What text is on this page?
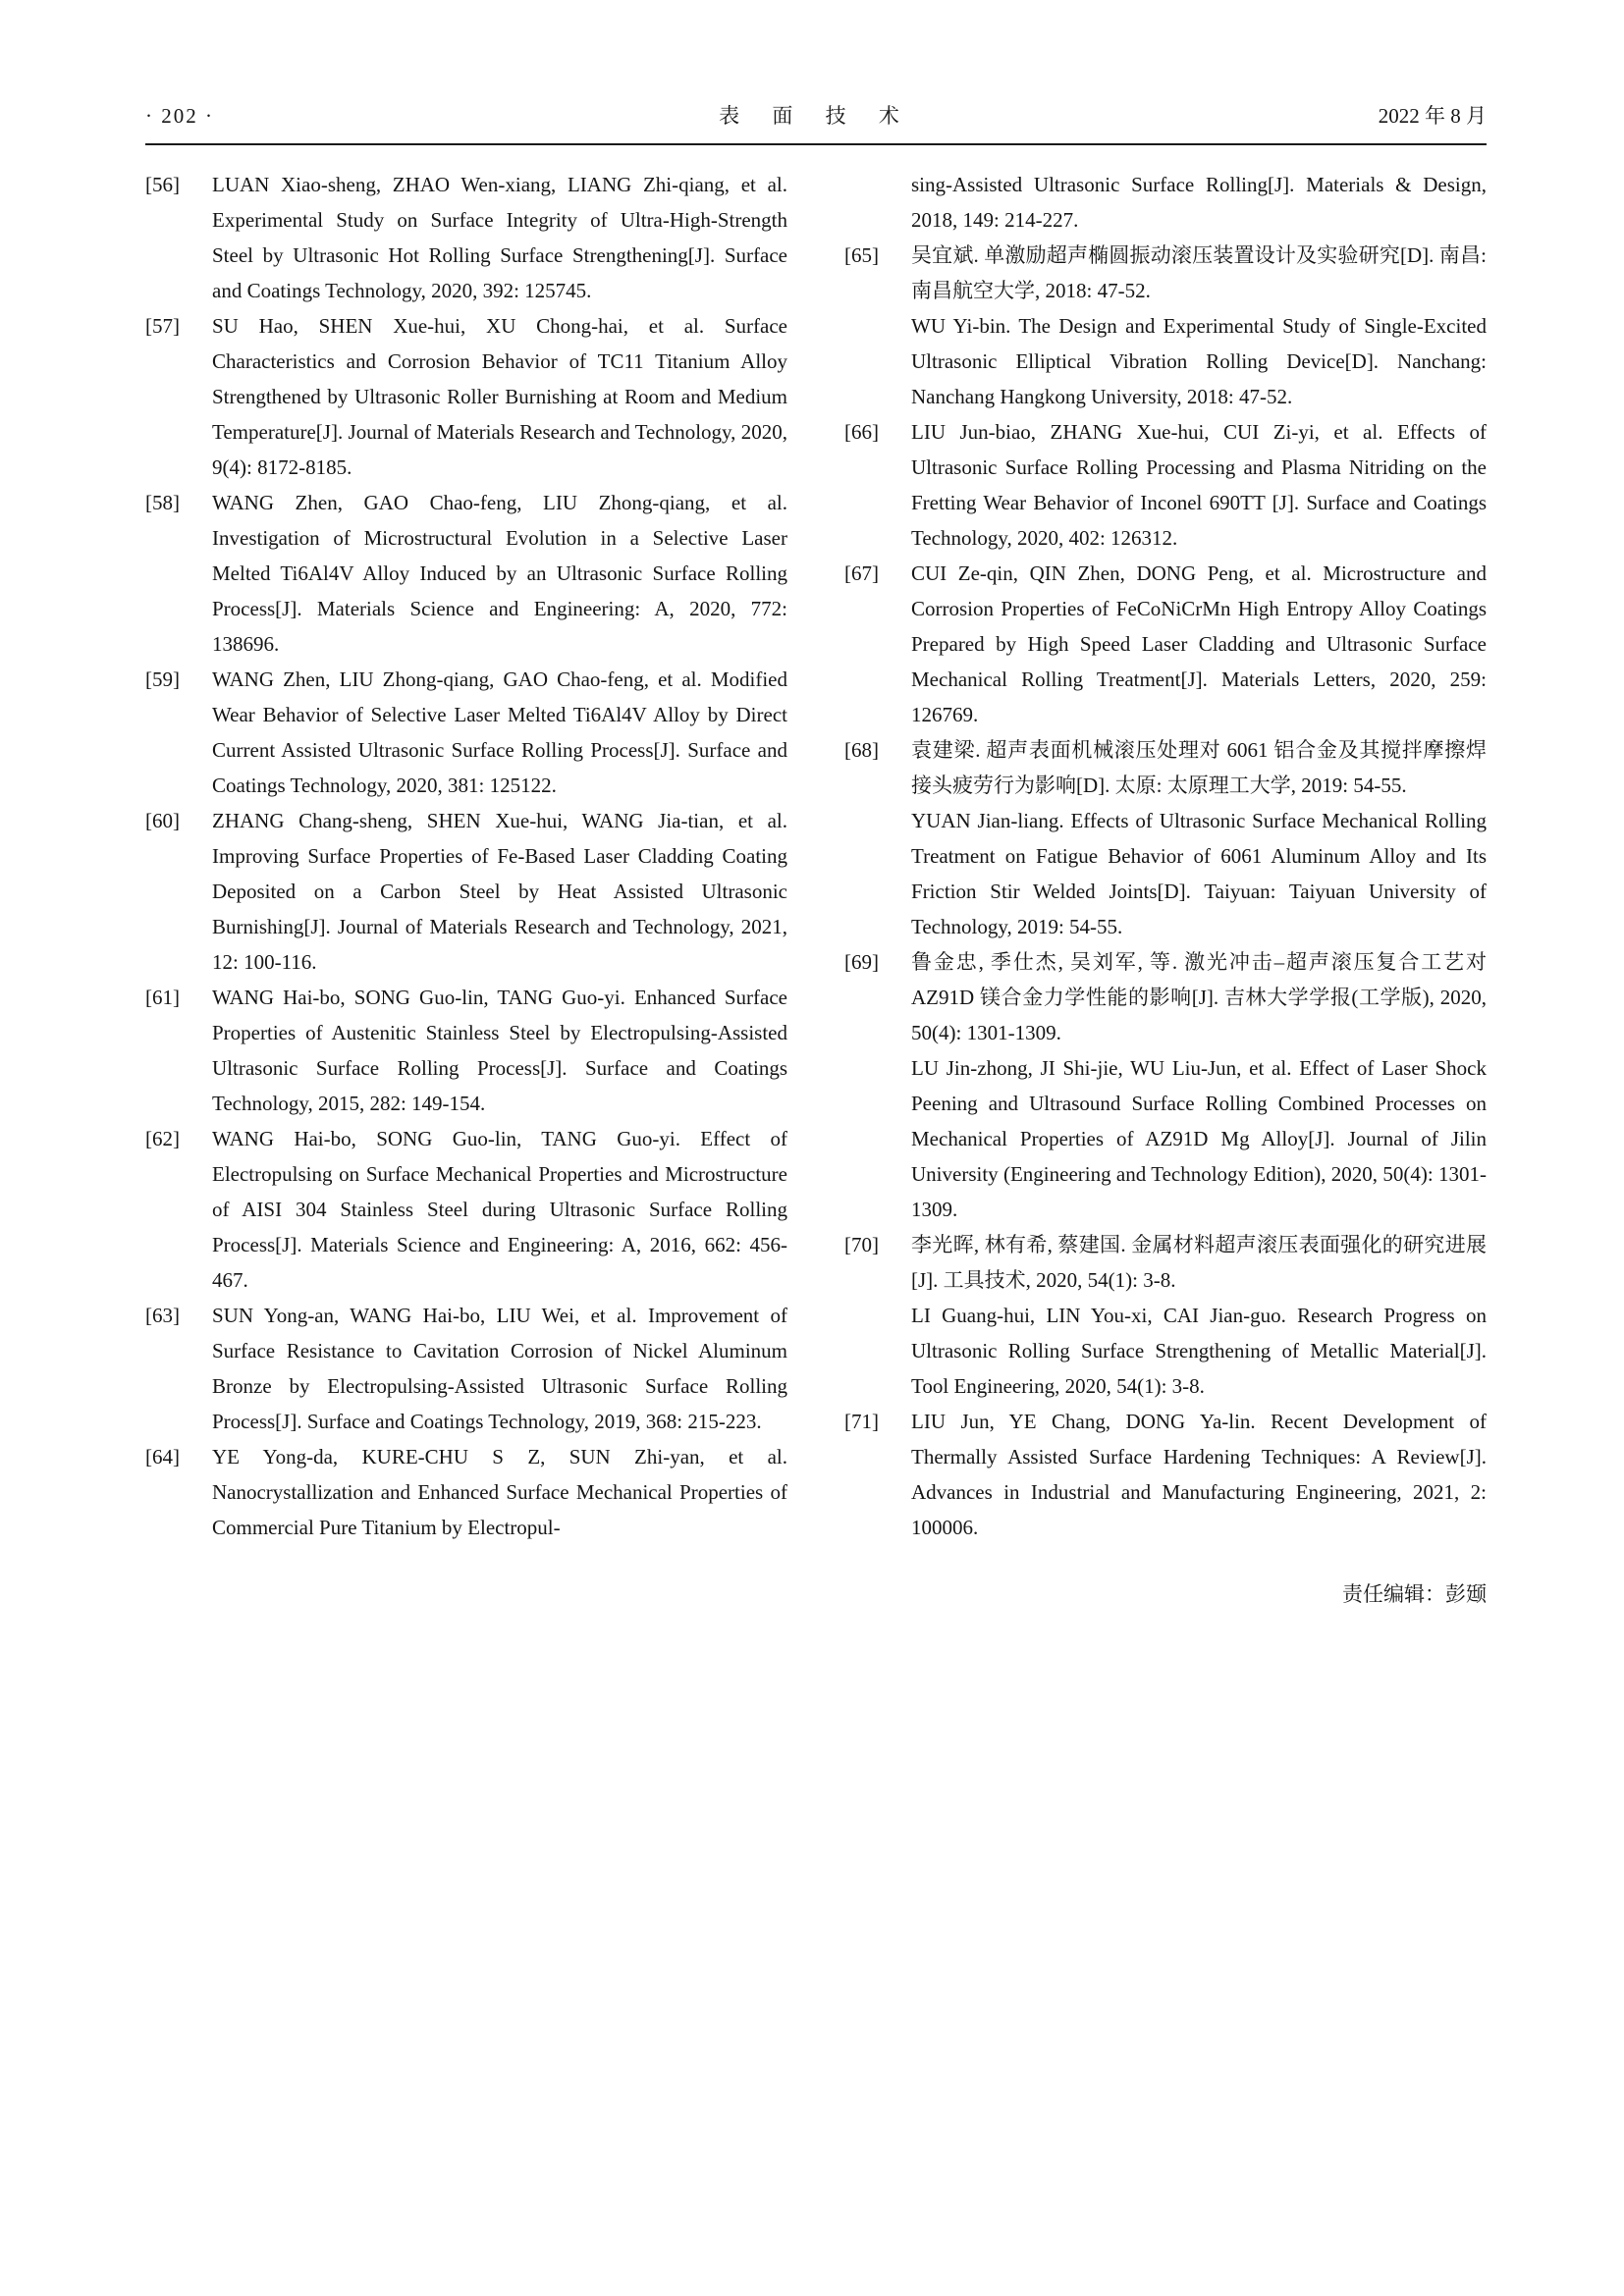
· 202 ·	表 面 技 术	2022 年 8 月
[56]	LUAN Xiao-sheng, ZHAO Wen-xiang, LIANG Zhi-qiang, et al. Experimental Study on Surface Integrity of Ultra-High-Strength Steel by Ultrasonic Hot Rolling Surface Strengthening[J]. Surface and Coatings Technology, 2020, 392: 125745.

[57]	SU Hao, SHEN Xue-hui, XU Chong-hai, et al. Surface Characteristics and Corrosion Behavior of TC11 Titanium Alloy Strengthened by Ultrasonic Roller Burnishing at Room and Medium Temperature[J]. Journal of Materials Research and Technology, 2020, 9(4): 8172-8185.

[58]	WANG Zhen, GAO Chao-feng, LIU Zhong-qiang, et al. Investigation of Microstructural Evolution in a Selective Laser Melted Ti6Al4V Alloy Induced by an Ultrasonic Surface Rolling Process[J]. Materials Science and Engineering: A, 2020, 772: 138696.

[59]	WANG Zhen, LIU Zhong-qiang, GAO Chao-feng, et al. Modified Wear Behavior of Selective Laser Melted Ti6Al4V Alloy by Direct Current Assisted Ultrasonic Surface Rolling Process[J]. Surface and Coatings Technology, 2020, 381: 125122.

[60]	ZHANG Chang-sheng, SHEN Xue-hui, WANG Jia-tian, et al. Improving Surface Properties of Fe-Based Laser Cladding Coating Deposited on a Carbon Steel by Heat Assisted Ultrasonic Burnishing[J]. Journal of Materials Research and Technology, 2021, 12: 100-116.

[61]	WANG Hai-bo, SONG Guo-lin, TANG Guo-yi. Enhanced Surface Properties of Austenitic Stainless Steel by Electropulsing-Assisted Ultrasonic Surface Rolling Process[J]. Surface and Coatings Technology, 2015, 282: 149-154.

[62]	WANG Hai-bo, SONG Guo-lin, TANG Guo-yi. Effect of Electropulsing on Surface Mechanical Properties and Microstructure of AISI 304 Stainless Steel during Ultrasonic Surface Rolling Process[J]. Materials Science and Engineering: A, 2016, 662: 456-467.

[63]	SUN Yong-an, WANG Hai-bo, LIU Wei, et al. Improvement of Surface Resistance to Cavitation Corrosion of Nickel Aluminum Bronze by Electropulsing-Assisted Ultrasonic Surface Rolling Process[J]. Surface and Coatings Technology, 2019, 368: 215-223.

[64]	YE Yong-da, KURE-CHU S Z, SUN Zhi-yan, et al. Nanocrystallization and Enhanced Surface Mechanical Properties of Commercial Pure Titanium by Electropul-

sing-Assisted Ultrasonic Surface Rolling[J]. Materials & Design, 2018, 149: 214-227.

[65]	吴宜斌. 单激励超声椭圆振动滚压装置设计及实验研究[D]. 南昌: 南昌航空大学, 2018: 47-52.

WU Yi-bin. The Design and Experimental Study of Single-Excited Ultrasonic Elliptical Vibration Rolling Device[D]. Nanchang: Nanchang Hangkong University, 2018: 47-52.

[66]	LIU Jun-biao, ZHANG Xue-hui, CUI Zi-yi, et al. Effects of Ultrasonic Surface Rolling Processing and Plasma Nitriding on the Fretting Wear Behavior of Inconel 690TT [J]. Surface and Coatings Technology, 2020, 402: 126312.

[67]	CUI Ze-qin, QIN Zhen, DONG Peng, et al. Microstructure and Corrosion Properties of FeCoNiCrMn High Entropy Alloy Coatings Prepared by High Speed Laser Cladding and Ultrasonic Surface Mechanical Rolling Treatment[J]. Materials Letters, 2020, 259: 126769.

[68]	袁建梁. 超声表面机械滚压处理对 6061 铝合金及其搅拌摩擦焊接头疲劳行为影响[D]. 太原: 太原理工大学, 2019: 54-55.

YUAN Jian-liang. Effects of Ultrasonic Surface Mechanical Rolling Treatment on Fatigue Behavior of 6061 Aluminum Alloy and Its Friction Stir Welded Joints[D]. Taiyuan: Taiyuan University of Technology, 2019: 54-55.

[69]	鲁金忠, 季仕杰, 吴刘军, 等. 激光冲击–超声滚压复合工艺对 AZ91D 镁合金力学性能的影响[J]. 吉林大学学报(工学版), 2020, 50(4): 1301-1309.

LU Jin-zhong, JI Shi-jie, WU Liu-Jun, et al. Effect of Laser Shock Peening and Ultrasound Surface Rolling Combined Processes on Mechanical Properties of AZ91D Mg Alloy[J]. Journal of Jilin University (Engineering and Technology Edition), 2020, 50(4): 1301-1309.

[70]	李光晖, 林有希, 蔡建国. 金属材料超声滚压表面强化的研究进展[J]. 工具技术, 2020, 54(1): 3-8.

LI Guang-hui, LIN You-xi, CAI Jian-guo. Research Progress on Ultrasonic Rolling Surface Strengthening of Metallic Material[J]. Tool Engineering, 2020, 54(1): 3-8.

[71]	LIU Jun, YE Chang, DONG Ya-lin. Recent Development of Thermally Assisted Surface Hardening Techniques: A Review[J]. Advances in Industrial and Manufacturing Engineering, 2021, 2: 100006.

责任编辑：彭颋
